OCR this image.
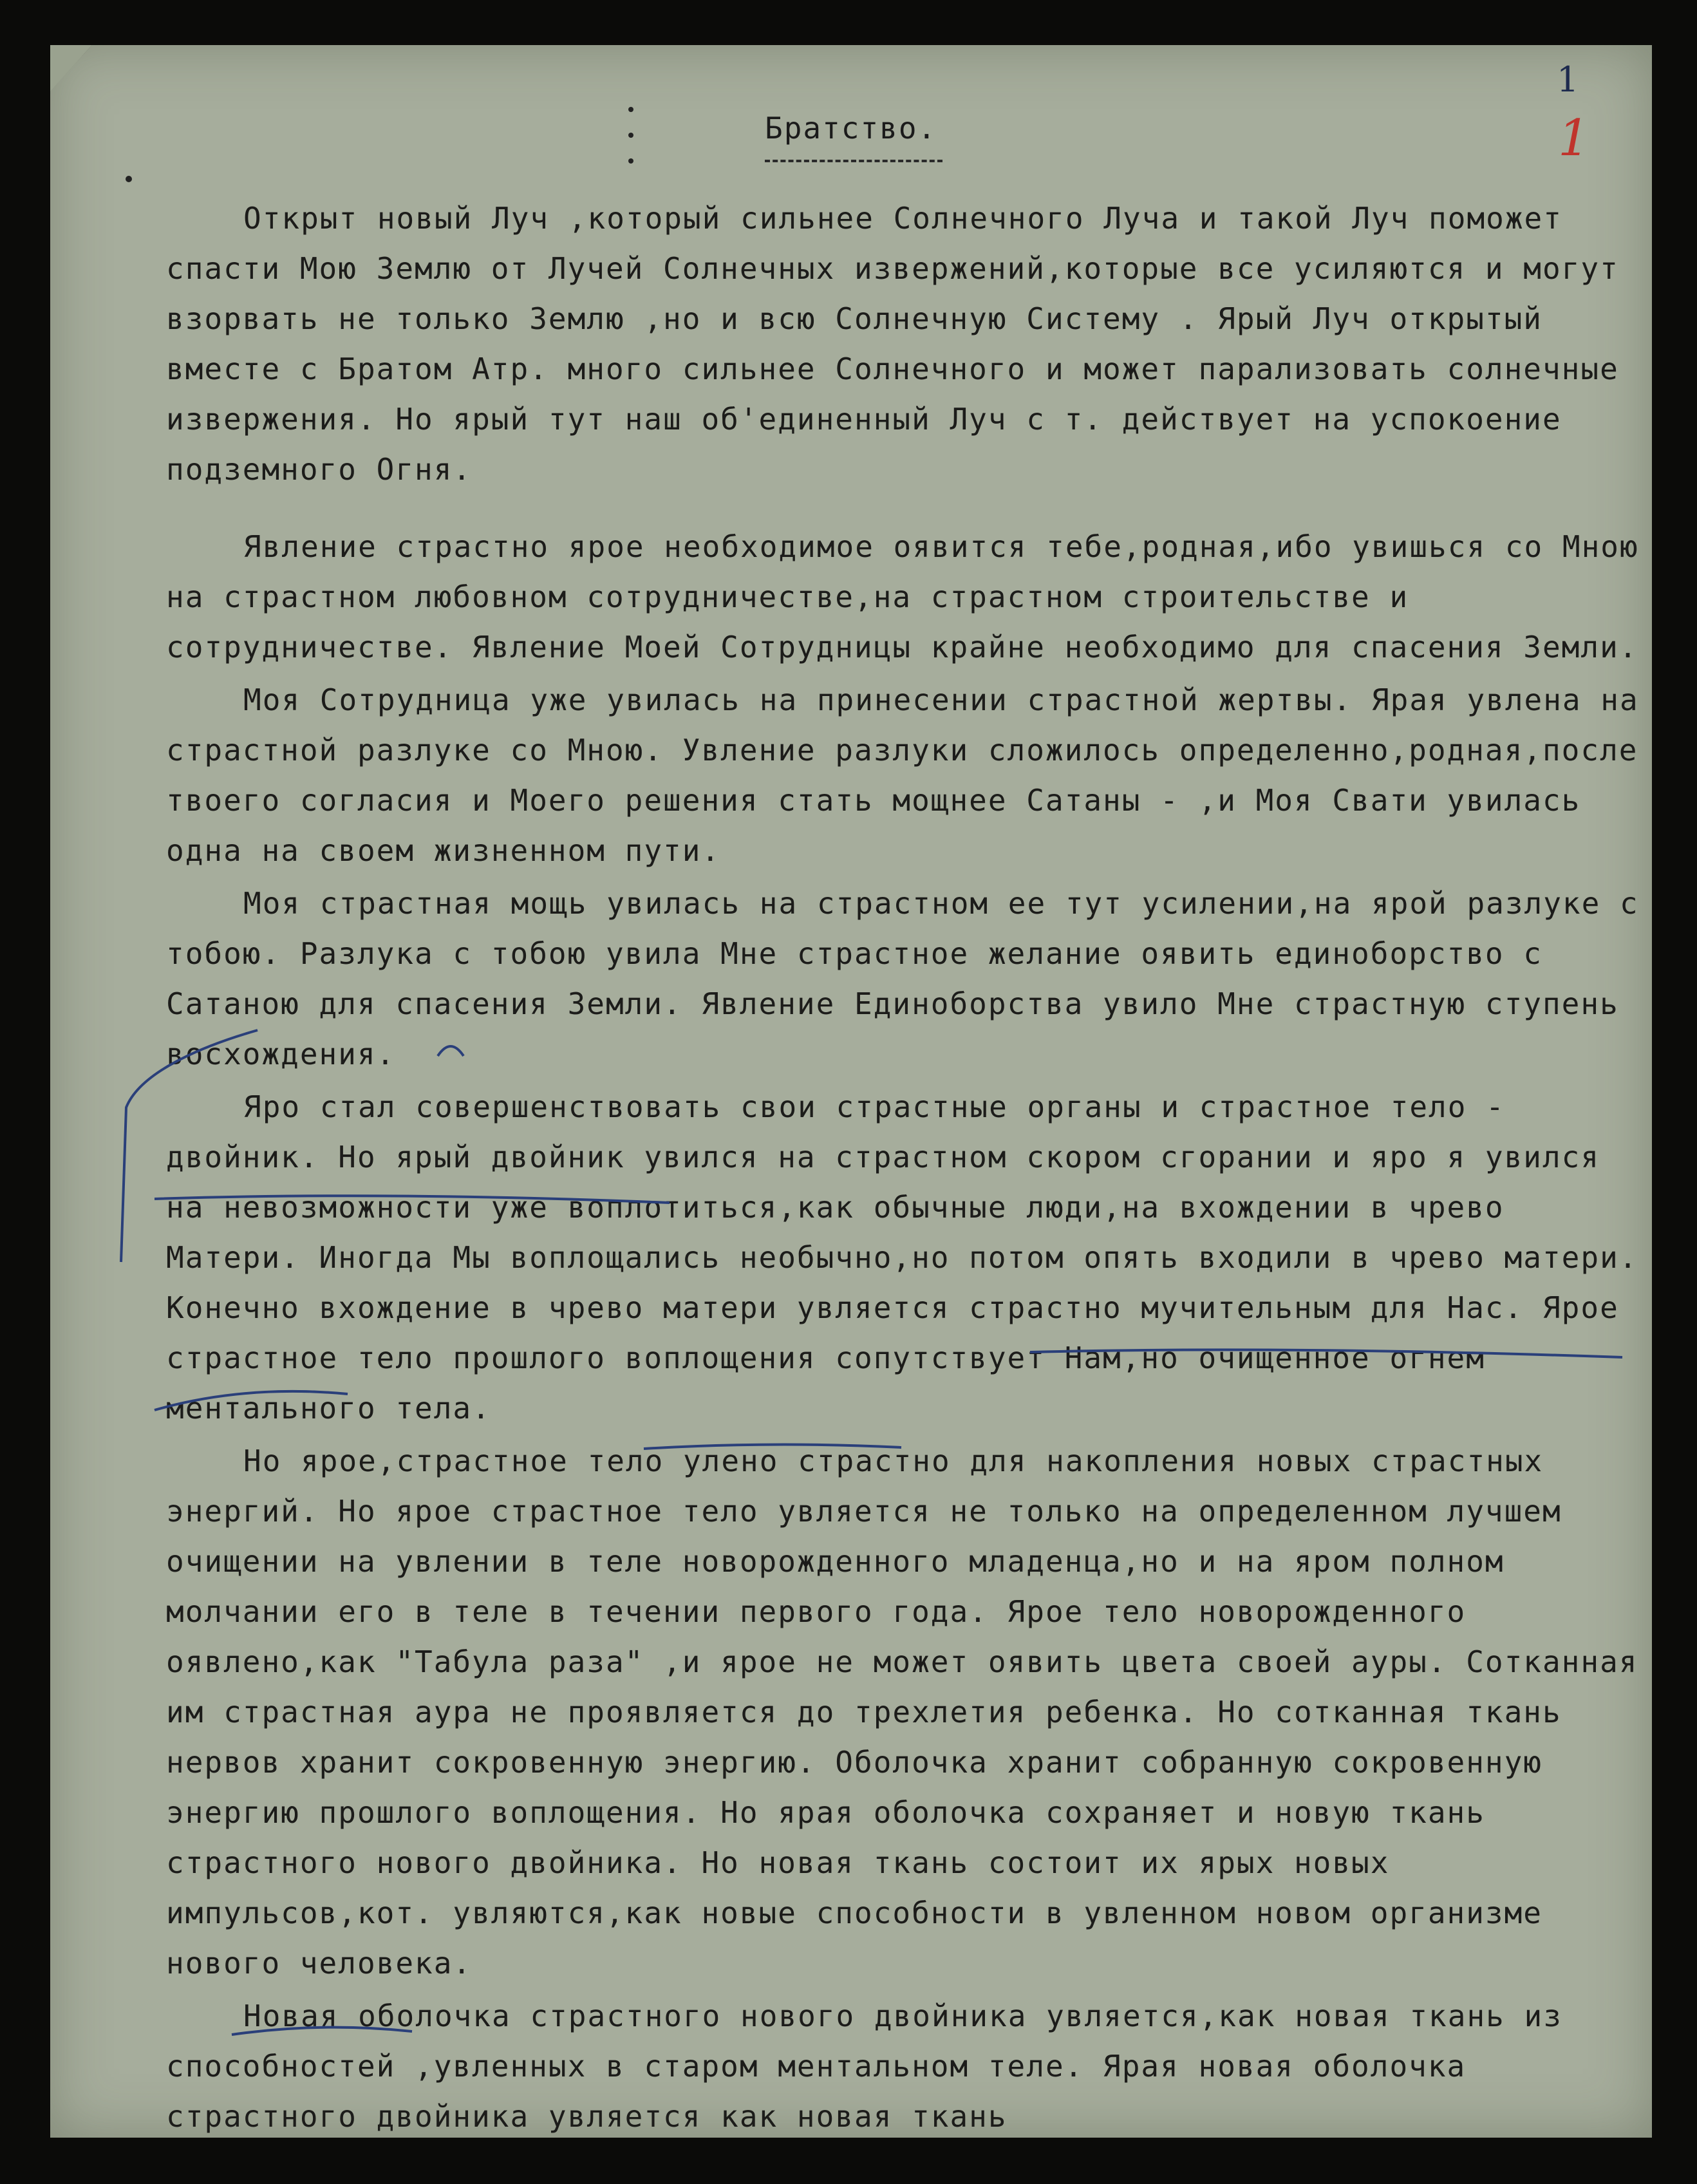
1
1
Братство.

Открыт новый Луч ,который сильнее Солнечного Луча и такой Луч поможет спасти Мою Землю от Лучей Солнечных извержений,которые все усиляются и могут взорвать не только Землю ,но и всю Солнечную Систему . Ярый Луч открытый вместе с Братом Атр. много сильнее Солнечного и может парализовать солнечные извержения. Но ярый тут наш об'единенный Луч с т. действует на успокоение подземного Огня.

Явление страстно ярое необходимое оявится тебе,родная,ибо увишься со Мною на страстном любовном сотрудничестве,на страстном строительстве и сотрудничестве. Явление Моей Сотрудницы крайне необходимо для спасения Земли.

Моя Сотрудница уже увилась на принесении страстной жертвы. Ярая увлена на страстной разлуке со Мною. Увление разлуки сложилось определенно,родная,после твоего согласия и Моего решения стать мощнее Сатаны - ,и Моя Свати увилась одна на своем жизненном пути.

Моя страстная мощь увилась на страстном ее тут усилении,на ярой разлуке с тобою. Разлука с тобою увила Мне страстное желание оявить единоборство с Сатаною для спасения Земли. Явление Единоборства увило Мне страстную ступень восхождения.

Яро стал совершенствовать свои страстные органы и страстное тело - двойник. Но ярый двойник увился на страстном скором сгорании и яро я увился на невозможности уже воплотиться,как обычные люди,на вхождении в чрево Матери. Иногда Мы воплощались необычно,но потом опять входили в чрево матери. Конечно вхождение в чрево матери увляется страстно мучительным для Нас. Ярое страстное тело прошлого воплощения сопутствует Нам,но очищенное огнем ментального тела.

Но ярое,страстное тело улено страстно для накопления новых страстных энергий. Но ярое страстное тело увляется не только на определенном лучшем очищении на увлении в теле новорожденного младенца,но и на яром полном молчании его в теле в течении первого года. Ярое тело новорожденного оявлено,как "Табула раза" ,и ярое не может оявить цвета своей ауры. Сотканная им страстная аура не проявляется до трехлетия ребенка. Но сотканная ткань нервов хранит сокровенную энергию. Оболочка хранит собранную сокровенную энергию прошлого воплощения. Но ярая оболочка сохраняет и новую ткань страстного нового двойника. Но новая ткань состоит их ярых новых импульсов,кот. увляются,как новые способности в увленном новом организме нового человека.

Новая оболочка страстного нового двойника увляется,как новая ткань из способностей ,увленных в старом ментальном теле. Ярая новая оболочка страстного двойника увляется как новая ткань
